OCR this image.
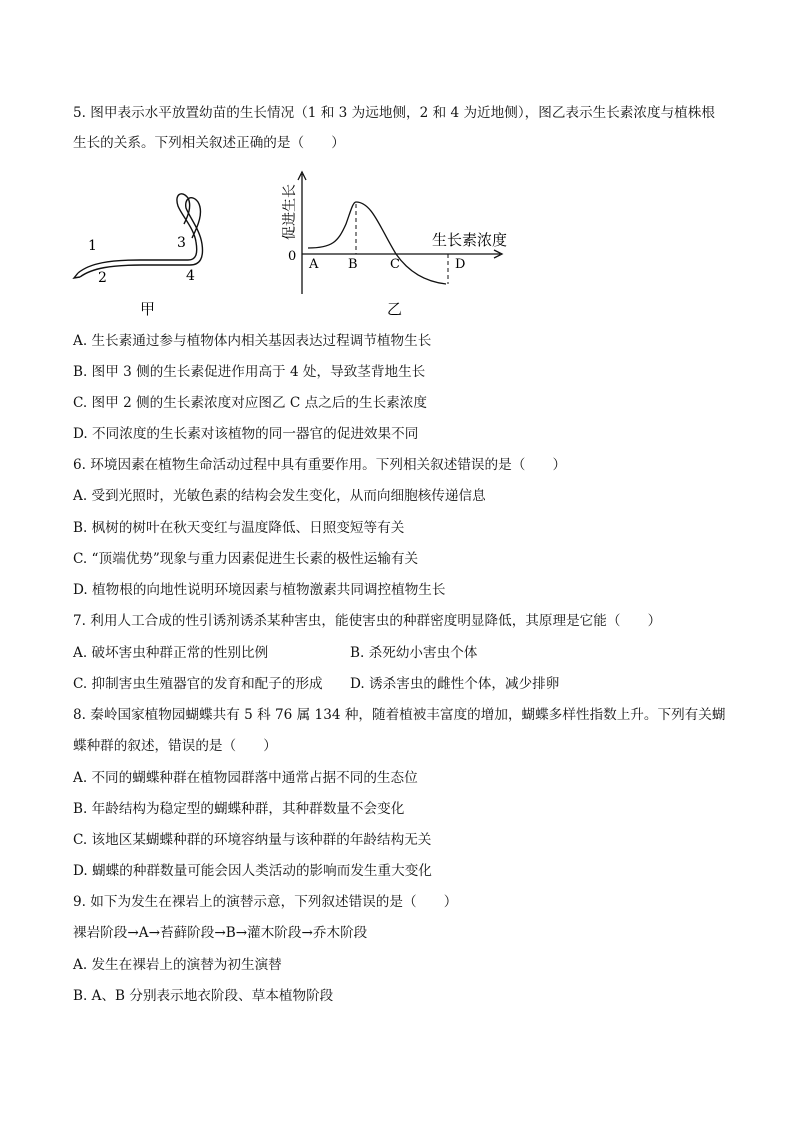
5. 图甲表示水平放置幼苗的生长情况（1 和 3 为远地侧，2 和 4 为近地侧），图乙表示生长素浓度与植株根
生长的关系。下列相关叙述正确的是（　　）
1
2
3
4
甲
促进生长	生长素浓度
0
A B C	D
乙
A. 生长素通过参与植物体内相关基因表达过程调节植物生长
B. 图甲 3 侧的生长素促进作用高于 4 处，导致茎背地生长
C. 图甲 2 侧的生长素浓度对应图乙 C 点之后的生长素浓度
D. 不同浓度的生长素对该植物的同一器官的促进效果不同
6. 环境因素在植物生命活动过程中具有重要作用。下列相关叙述错误的是（　　）
A. 受到光照时，光敏色素的结构会发生变化，从而向细胞核传递信息
B. 枫树的树叶在秋天变红与温度降低、日照变短等有关
C. “顶端优势”现象与重力因素促进生长素的极性运输有关
D. 植物根的向地性说明环境因素与植物激素共同调控植物生长
7. 利用人工合成的性引诱剂诱杀某种害虫，能使害虫的种群密度明显降低，其原理是它能（　　）
A. 破坏害虫种群正常的性别比例	B. 杀死幼小害虫个体
C. 抑制害虫生殖器官的发育和配子的形成 D. 诱杀害虫的雌性个体，减少排卵
8. 秦岭国家植物园蝴蝶共有 5 科 76 属 134 种，随着植被丰富度的增加，蝴蝶多样性指数上升。下列有关蝴
蝶种群的叙述，错误的是（　　）
A. 不同的蝴蝶种群在植物园群落中通常占据不同的生态位
B. 年龄结构为稳定型的蝴蝶种群，其种群数量不会变化
C. 该地区某蝴蝶种群的环境容纳量与该种群的年龄结构无关
D. 蝴蝶的种群数量可能会因人类活动的影响而发生重大变化
9. 如下为发生在裸岩上的演替示意，下列叙述错误的是（　　）
裸岩阶段→A→苔藓阶段→B→灌木阶段→乔木阶段
A. 发生在裸岩上的演替为初生演替
B. A、B 分别表示地衣阶段、草本植物阶段
